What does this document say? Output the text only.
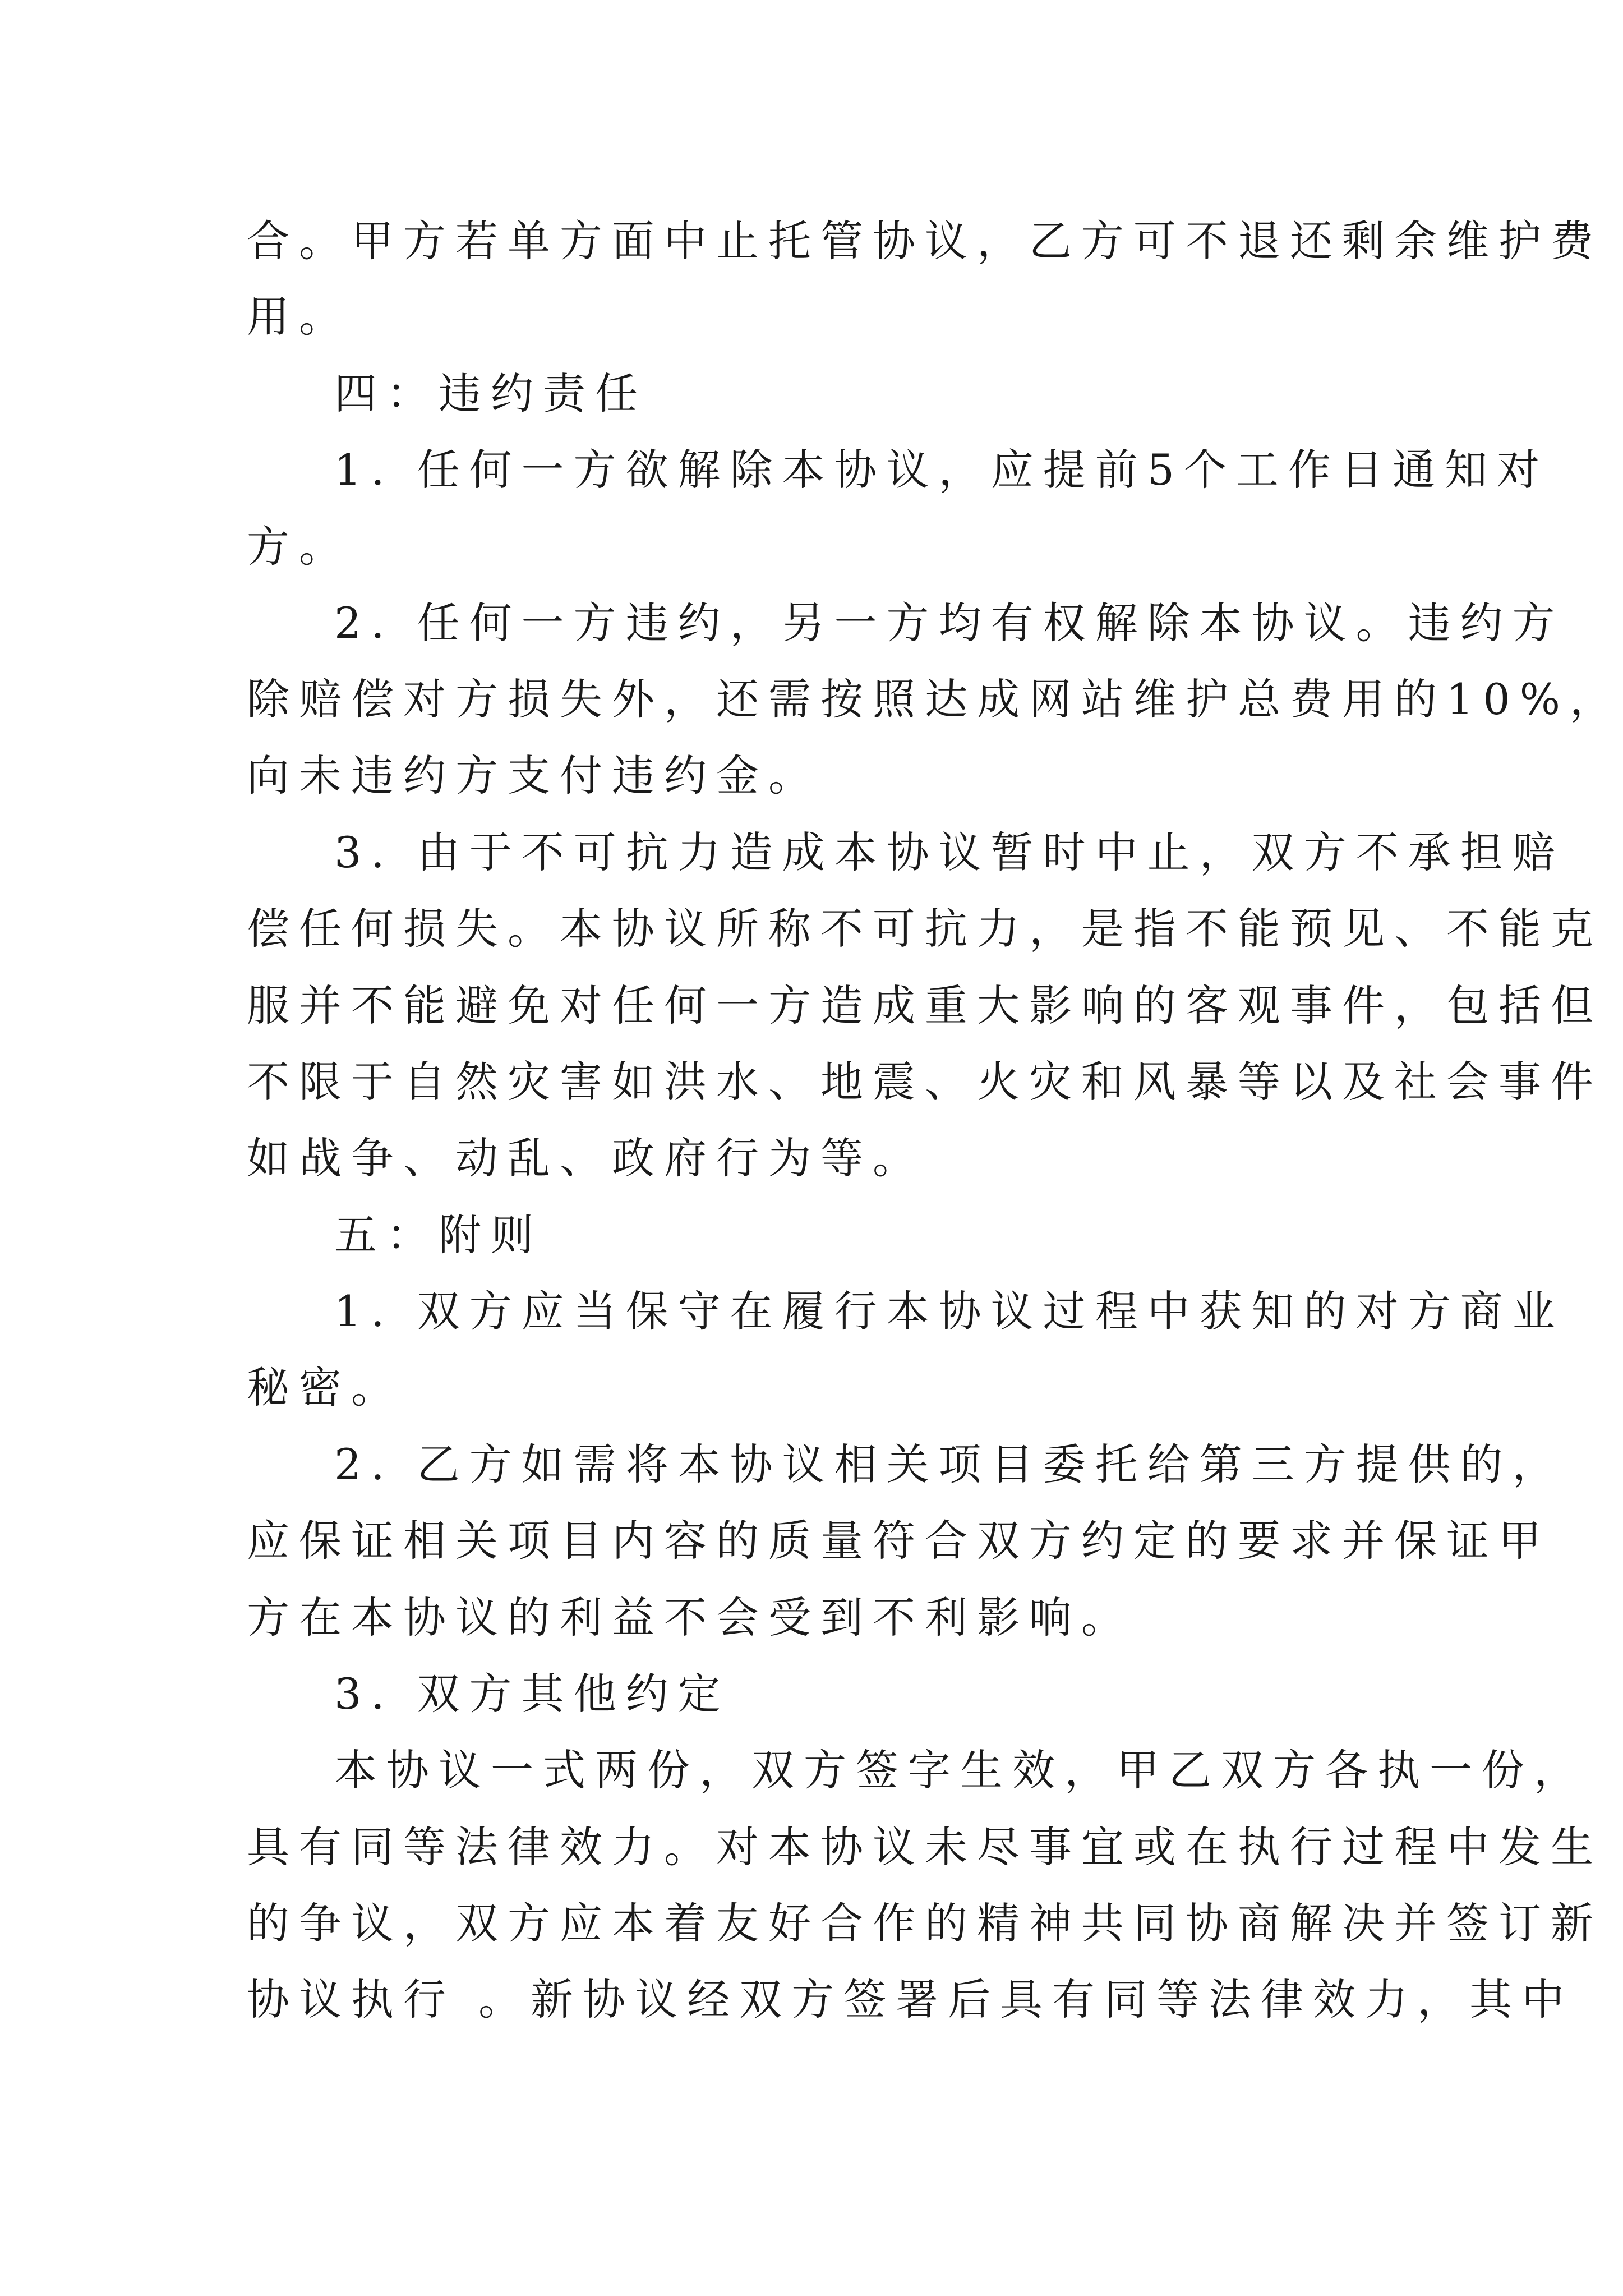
合。甲方若单方面中止托管协议，乙方可不退还剩余维护费
用。
四：违约责任
1. 任何一方欲解除本协议，应提前5个工作日通知对
方。
2. 任何一方违约，另一方均有权解除本协议。违约方
除赔偿对方损失外，还需按照达成网站维护总费用的10%，
向未违约方支付违约金。
3. 由于不可抗力造成本协议暂时中止，双方不承担赔
偿任何损失。本协议所称不可抗力，是指不能预见、不能克
服并不能避免对任何一方造成重大影响的客观事件，包括但
不限于自然灾害如洪水、地震、火灾和风暴等以及社会事件
如战争、动乱、政府行为等。
五：附则
1. 双方应当保守在履行本协议过程中获知的对方商业
秘密。
2. 乙方如需将本协议相关项目委托给第三方提供的，
应保证相关项目内容的质量符合双方约定的要求并保证甲
方在本协议的利益不会受到不利影响。
3. 双方其他约定
本协议一式两份，双方签字生效，甲乙双方各执一份，
具有同等法律效力。对本协议未尽事宜或在执行过程中发生
的争议，双方应本着友好合作的精神共同协商解决并签订新
协议执行 。新协议经双方签署后具有同等法律效力，其中
